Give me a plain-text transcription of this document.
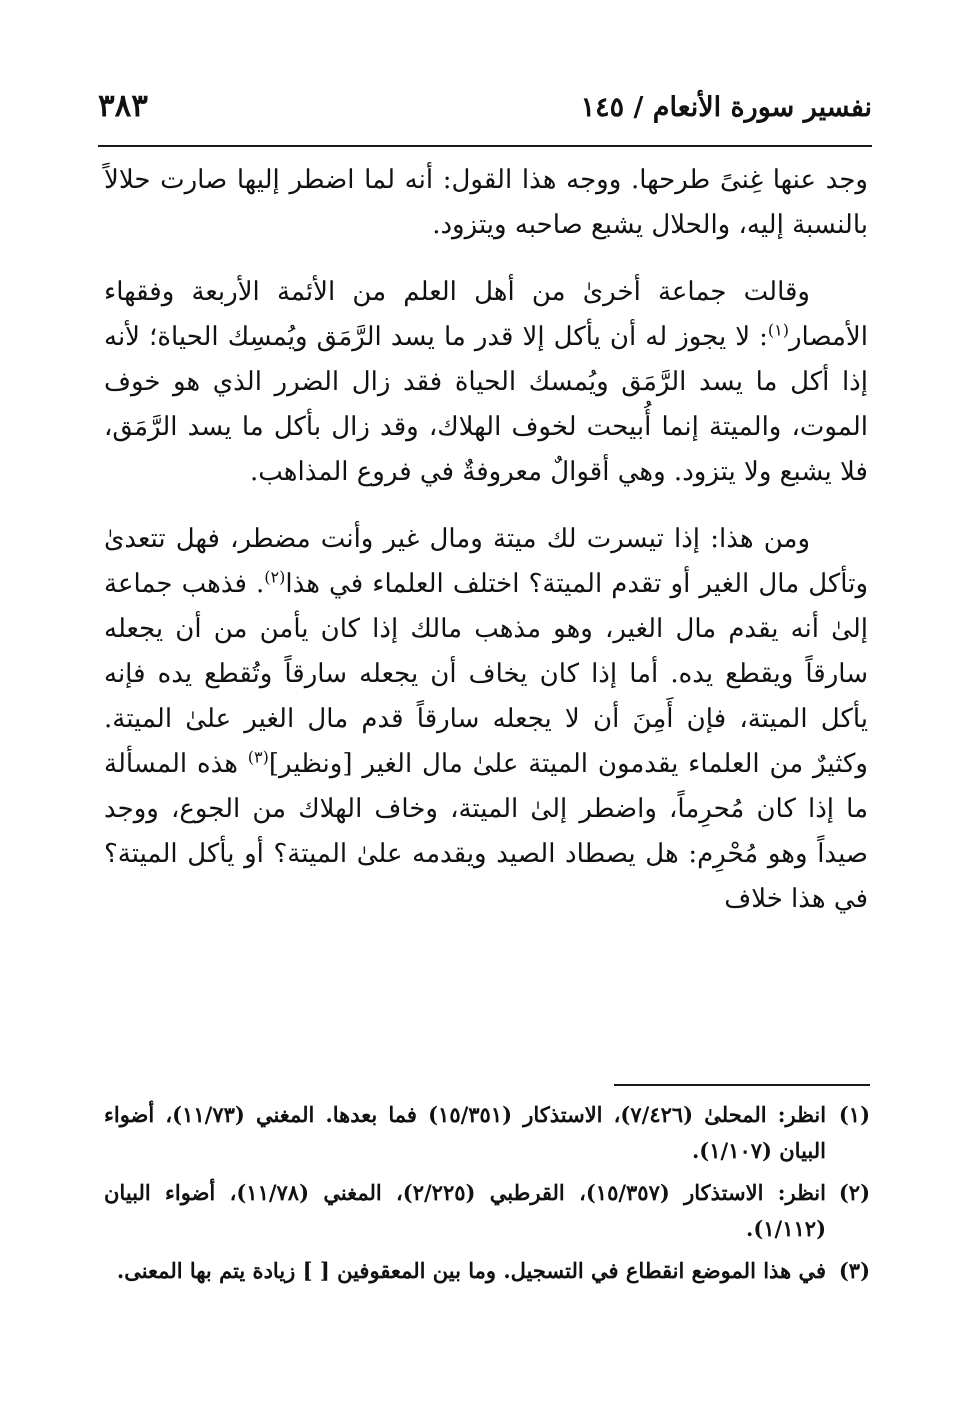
نفسير سورة الأنعام / ١٤٥
٣٨٣

وجد عنها غِنىً طرحها. ووجه هذا القول: أنه لما اضطر إليها صارت حلالاً بالنسبة إليه، والحلال يشبع صاحبه ويتزود.

وقالت جماعة أخرىٰ من أهل العلم من الأئمة الأربعة وفقهاء الأمصار$^{(١)}$: لا يجوز له أن يأكل إلا قدر ما يسد الرَّمَق ويُمسِك الحياة؛ لأنه إذا أكل ما يسد الرَّمَق ويُمسك الحياة فقد زال الضرر الذي هو خوف الموت، والميتة إنما أُبيحت لخوف الهلاك، وقد زال بأكل ما يسد الرَّمَق، فلا يشبع ولا يتزود. وهي أقوالٌ معروفةٌ في فروع المذاهب.

ومن هذا: إذا تيسرت لك ميتة ومال غير وأنت مضطر، فهل تتعدىٰ وتأكل مال الغير أو تقدم الميتة؟ اختلف العلماء في هذا$^{(٢)}$. فذهب جماعة إلىٰ أنه يقدم مال الغير، وهو مذهب مالك إذا كان يأمن من أن يجعله سارقاً ويقطع يده. أما إذا كان يخاف أن يجعله سارقاً وتُقطع يده فإنه يأكل الميتة، فإن أَمِنَ أن لا يجعله سارقاً قدم مال الغير علىٰ الميتة. وكثيرٌ من العلماء يقدمون الميتة علىٰ مال الغير [ونظير]$^{(٣)}$ هذه المسألة ما إذا كان مُحرِماً، واضطر إلىٰ الميتة، وخاف الهلاك من الجوع، ووجد صيداً وهو مُحْرِم: هل يصطاد الصيد ويقدمه علىٰ الميتة؟ أو يأكل الميتة؟ في هذا خلاف

(١)
انظر: المحلىٰ (٧/٤٢٦)، الاستذكار (١٥/٣٥١) فما بعدها. المغني (١١/٧٣)، أضواء البيان (١/١٠٧).
(٢)
انظر: الاستذكار (١٥/٣٥٧)، القرطبي (٢/٢٢٥)، المغني (١١/٧٨)، أضواء البيان (١/١١٢).
(٣)
في هذا الموضع انقطاع في التسجيل. وما بين المعقوفين [ ] زيادة يتم بها المعنى.
